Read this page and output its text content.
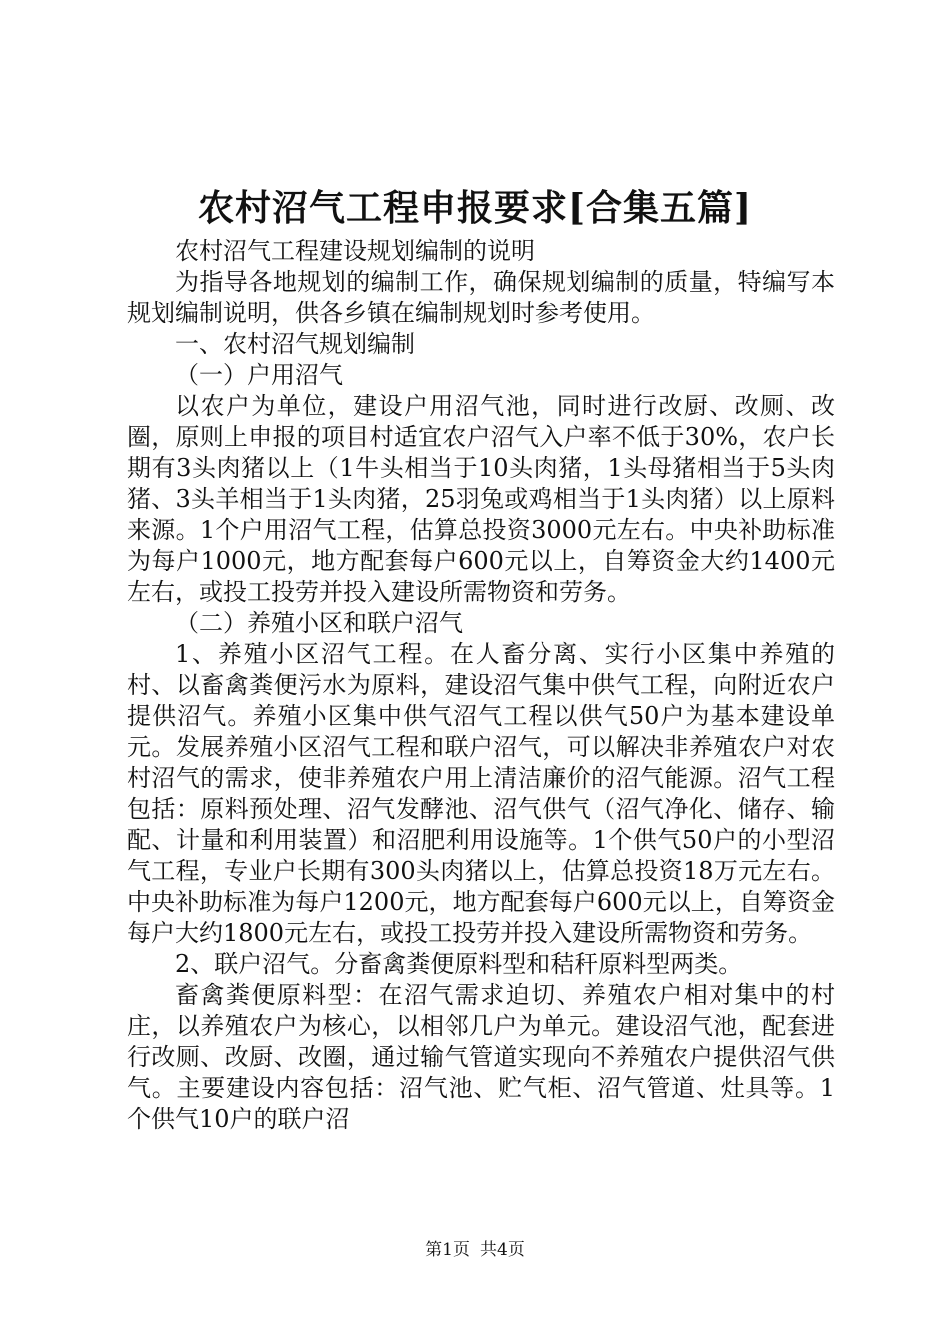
农村沼气工程申报要求[合集五篇]

农村沼气工程建设规划编制的说明

为指导各地规划的编制工作，确保规划编制的质量，特编写本规划编制说明，供各乡镇在编制规划时参考使用。

一、农村沼气规划编制

（一）户用沼气

以农户为单位，建设户用沼气池，同时进行改厨、改厕、改圈，原则上申报的项目村适宜农户沼气入户率不低于30%，农户长期有3头肉猪以上（1牛头相当于10头肉猪，1头母猪相当于5头肉猪、3头羊相当于1头肉猪，25羽兔或鸡相当于1头肉猪）以上原料来源。1个户用沼气工程，估算总投资3000元左右。中央补助标准为每户1000元，地方配套每户600元以上，自筹资金大约1400元左右，或投工投劳并投入建设所需物资和劳务。

（二）养殖小区和联户沼气

1、养殖小区沼气工程。在人畜分离、实行小区集中养殖的村、以畜禽粪便污水为原料，建设沼气集中供气工程，向附近农户提供沼气。养殖小区集中供气沼气工程以供气50户为基本建设单元。发展养殖小区沼气工程和联户沼气，可以解决非养殖农户对农村沼气的需求，使非养殖农户用上清洁廉价的沼气能源。沼气工程包括：原料预处理、沼气发酵池、沼气供气（沼气净化、储存、输配、计量和利用装置）和沼肥利用设施等。1个供气50户的小型沼气工程，专业户长期有300头肉猪以上，估算总投资18万元左右。中央补助标准为每户1200元，地方配套每户600元以上，自筹资金每户大约1800元左右，或投工投劳并投入建设所需物资和劳务。

2、联户沼气。分畜禽粪便原料型和秸秆原料型两类。

畜禽粪便原料型：在沼气需求迫切、养殖农户相对集中的村庄，以养殖农户为核心，以相邻几户为单元。建设沼气池，配套进行改厕、改厨、改圈，通过输气管道实现向不养殖农户提供沼气供气。主要建设内容包括：沼气池、贮气柜、沼气管道、灶具等。1个供气10户的联户沼

第1页 共4页
